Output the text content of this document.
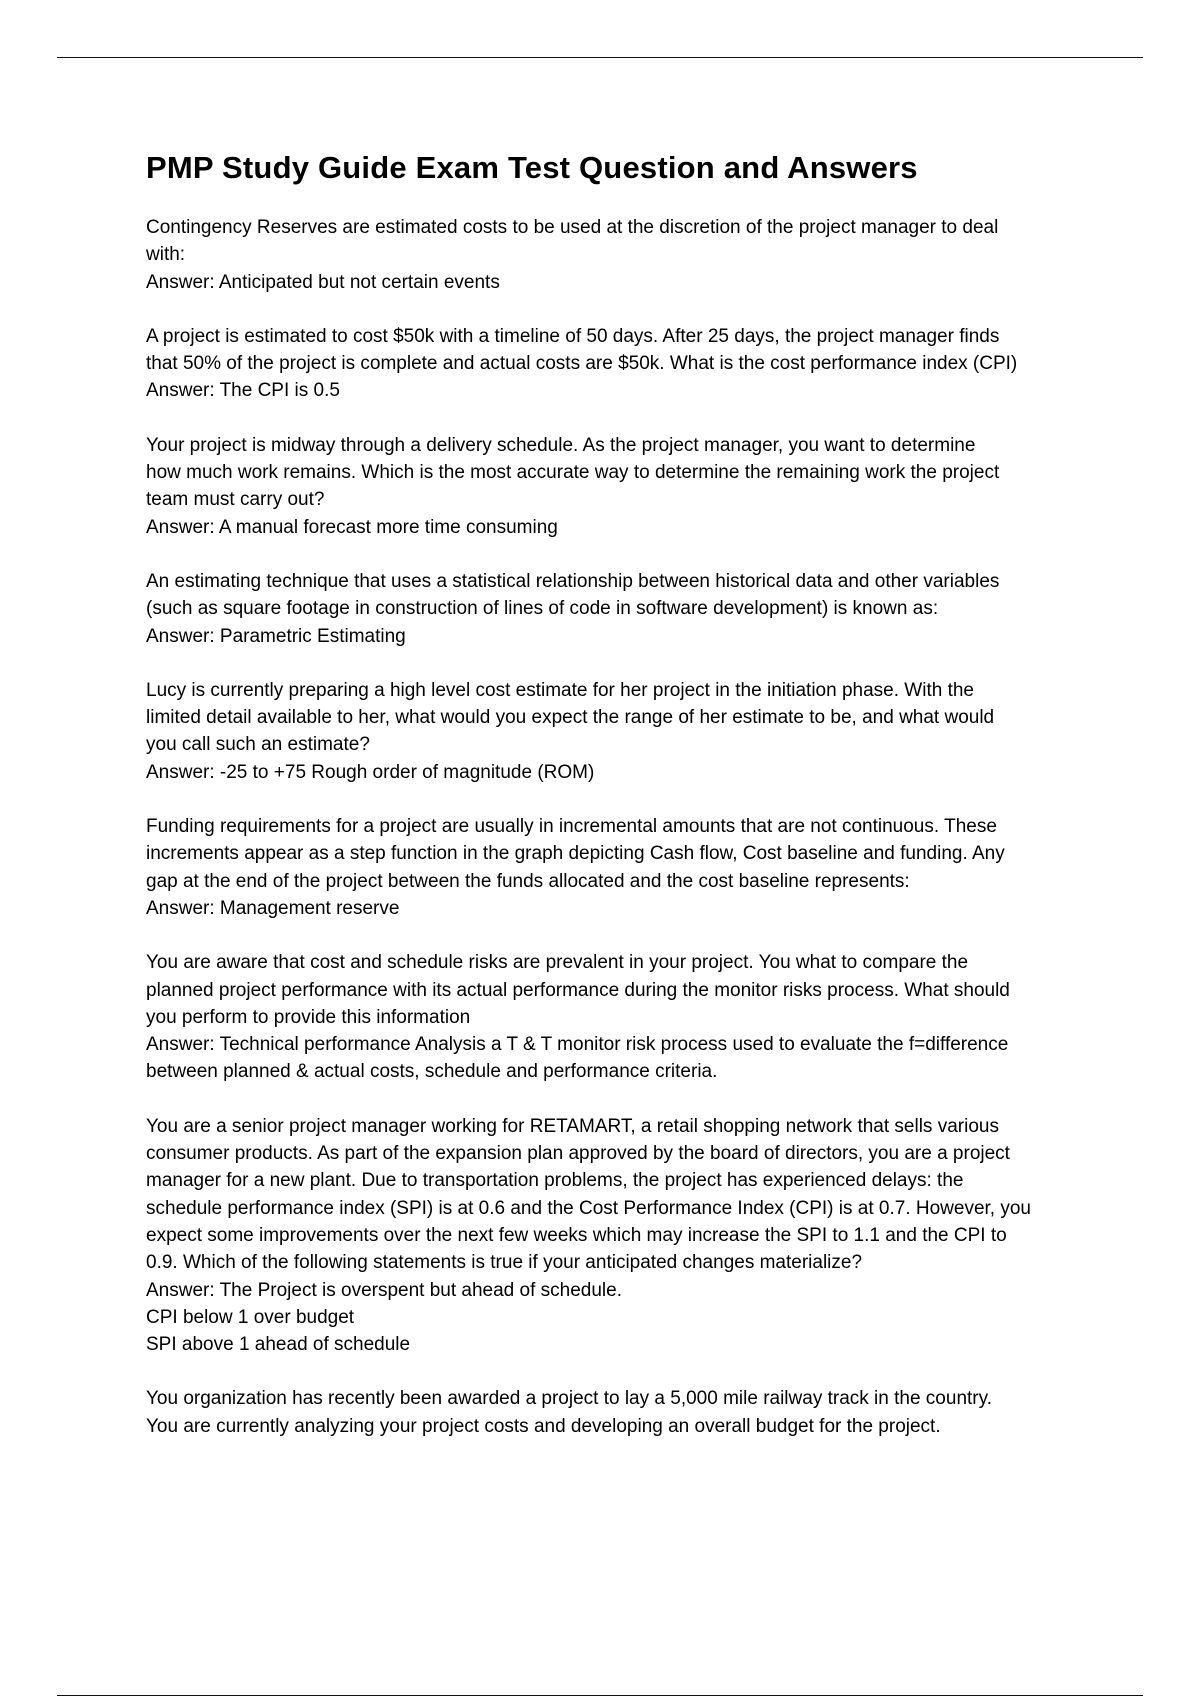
PMP Study Guide Exam Test Question and Answers
Contingency Reserves are estimated costs to be used at the discretion of the project manager to deal
with:
Answer: Anticipated but not certain events
A project is estimated to cost $50k with a timeline of 50 days. After 25 days, the project manager finds
that 50% of the project is complete and actual costs are $50k. What is the cost performance index (CPI)
Answer: The CPI is 0.5
Your project is midway through a delivery schedule. As the project manager, you want to determine
how much work remains. Which is the most accurate way to determine the remaining work the project
team must carry out?
Answer: A manual forecast more time consuming
An estimating technique that uses a statistical relationship between historical data and other variables
(such as square footage in construction of lines of code in software development) is known as:
Answer: Parametric Estimating
Lucy is currently preparing a high level cost estimate for her project in the initiation phase. With the
limited detail available to her, what would you expect the range of her estimate to be, and what would
you call such an estimate?
Answer: -25 to +75 Rough order of magnitude (ROM)
Funding requirements for a project are usually in incremental amounts that are not continuous. These
increments appear as a step function in the graph depicting Cash flow, Cost baseline and funding. Any
gap at the end of the project between the funds allocated and the cost baseline represents:
Answer: Management reserve
You are aware that cost and schedule risks are prevalent in your project. You what to compare the
planned project performance with its actual performance during the monitor risks process. What should
you perform to provide this information
Answer: Technical performance Analysis a T & T monitor risk process used to evaluate the f=difference
between planned & actual costs, schedule and performance criteria.
You are a senior project manager working for RETAMART, a retail shopping network that sells various
consumer products. As part of the expansion plan approved by the board of directors, you are a project
manager for a new plant. Due to transportation problems, the project has experienced delays: the
schedule performance index (SPI) is at 0.6 and the Cost Performance Index (CPI) is at 0.7. However, you
expect some improvements over the next few weeks which may increase the SPI to 1.1 and the CPI to
0.9. Which of the following statements is true if your anticipated changes materialize?
Answer: The Project is overspent but ahead of schedule.
CPI below 1 over budget
SPI above 1 ahead of schedule
You organization has recently been awarded a project to lay a 5,000 mile railway track in the country.
You are currently analyzing your project costs and developing an overall budget for the project.
